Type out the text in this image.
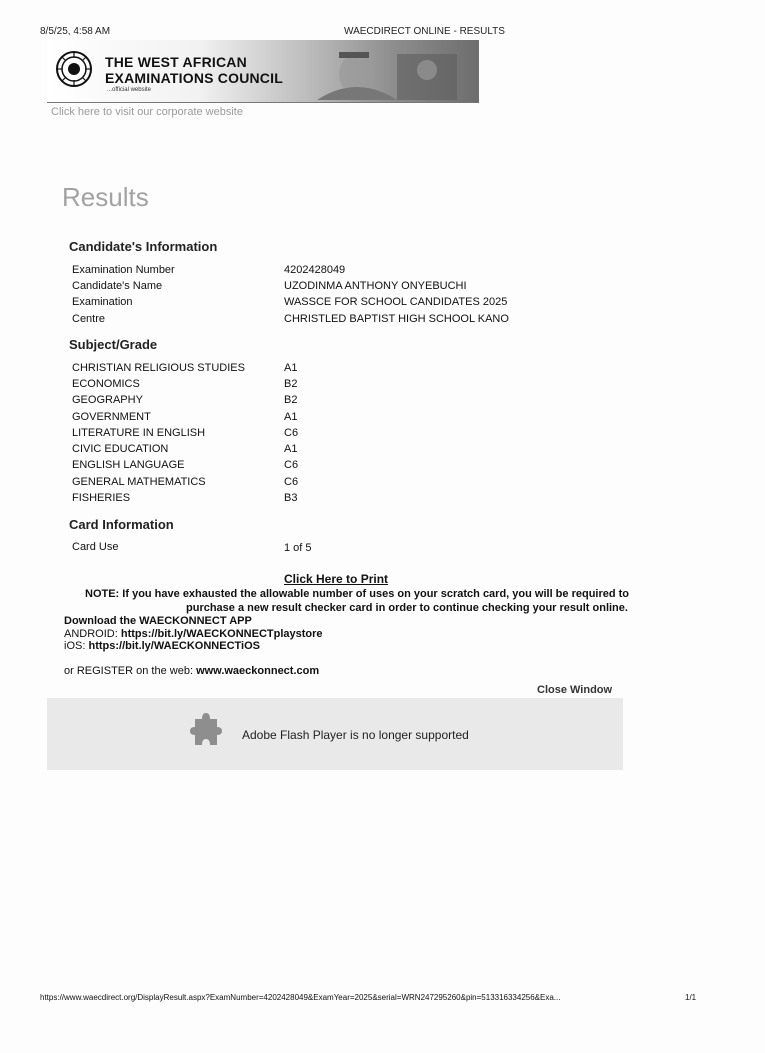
8/5/25, 4:58 AM	WAECDIRECT ONLINE - RESULTS
THE WEST AFRICAN
EXAMINATIONS COUNCIL
...official website
Click here to visit our corporate website
Results
Candidate's Information
Examination Number	4202428049
Candidate's Name	UZODINMA ANTHONY ONYEBUCHI
Examination	WASSCE FOR SCHOOL CANDIDATES 2025
Centre	CHRISTLED BAPTIST HIGH SCHOOL KANO
Subject/Grade
CHRISTIAN RELIGIOUS STUDIES	A1
ECONOMICS	B2
GEOGRAPHY	B2
GOVERNMENT	A1
LITERATURE IN ENGLISH	C6
CIVIC EDUCATION	A1
ENGLISH LANGUAGE	C6
GENERAL MATHEMATICS	C6
FISHERIES	B3
Card Information
Card Use	1 of 5
Click Here to Print
NOTE: If you have exhausted the allowable number of uses on your scratch card, you will be required to
purchase a new result checker card in order to continue checking your result online.
Download the WAECKONNECT APP
ANDROID: https://bit.ly/WAECKONNECTplaystore
iOS: https://bit.ly/WAECKONNECTiOS
or REGISTER on the web: www.waeckonnect.com
Close Window
Adobe Flash Player is no longer supported
https://www.waecdirect.org/DisplayResult.aspx?ExamNumber=4202428049&ExamYear=2025&serial=WRN247295260&pin=513316334256&Exa...	1/1
